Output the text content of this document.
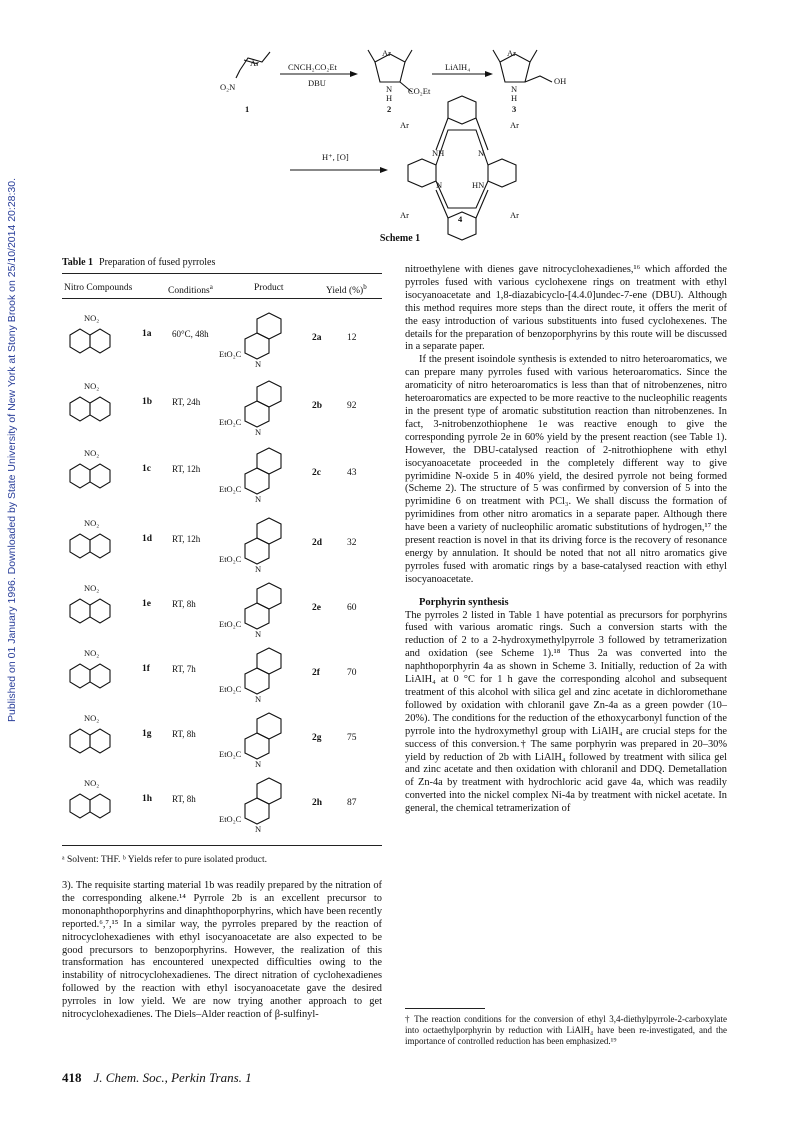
Published on 01 January 1996. Downloaded by State University of New York at Stony Brook on 25/10/2014 20:28:30.
Ar
O₂N
1
CNCH₂CO₂Et
DBU
Ar
N
H
CO₂Et
2
LiAlH₄
Ar
N
H
OH
3
H⁺, [O]
Ar	Ar
Ar	Ar
NH	N
N	HN
4
Scheme 1
Table 1 Preparation of fused pyrroles
Nitro Compounds	Conditions$^a$	Product	Yield (%)$^b$
NO₂
1a 60°C, 48h
EtO₂C
N
2a	12
NO₂
1b RT, 24h
EtO₂C
N
2b	92
NO₂
1c RT, 12h
EtO₂C
N
2c	43
NO₂
1d RT, 12h
EtO₂C
N
2d	32
NO₂
1e RT, 8h
EtO₂C
N
2e	60
NO₂
1f RT, 7h
EtO₂C
N
2f	70
NO₂
1g RT, 8h
EtO₂C
N
2g	75
NO₂
1h RT, 8h
EtO₂C
N
2h	87
ᵃ Solvent: THF. ᵇ Yields refer to pure isolated product.

3). The requisite starting material 1b was readily prepared by the nitration of the corresponding alkene.¹⁴ Pyrrole 2b is an excellent precursor to mononaphthoporphyrins and dinaphthoporphyrins, which have been recently reported.⁶,⁷,¹⁵ In a similar way, the pyrroles prepared by the reaction of nitrocyclohexadienes with ethyl isocyanoacetate are also expected to be good precursors to benzoporphyrins. However, the realization of this transformation has encountered unexpected difficulties owing to the instability of nitrocyclohexadienes. The direct nitration of cyclohexadienes followed by the reaction with ethyl isocyanoacetate gave the desired pyrroles in low yield. We are now trying another approach to get nitrocyclohexadienes. The Diels–Alder reaction of β-sulfinyl-

nitroethylene with dienes gave nitrocyclohexadienes,¹⁶ which afforded the pyrroles fused with various cyclohexene rings on treatment with ethyl isocyanoacetate and 1,8-diazabicyclo-[4.4.0]undec-7-ene (DBU). Although this method requires more steps than the direct route, it offers the merit of the easy introduction of various substituents into fused cyclohexenes. The details for the preparation of benzoporphyrins by this route will be discussed in a separate paper.

If the present isoindole synthesis is extended to nitro heteroaromatics, we can prepare many pyrroles fused with various heteroaromatics. Since the aromaticity of nitro heteroaromatics is less than that of nitrobenzenes, nitro heteroaromatics are expected to be more reactive to the nucleophilic reagents in the present type of aromatic substitution reaction than nitrobenzenes. In fact, 3-nitrobenzothiophene 1e was reactive enough to give the corresponding pyrrole 2e in 60% yield by the present reaction (see Table 1). However, the DBU-catalysed reaction of 2-nitrothiophene with ethyl isocyanoacetate proceeded in the completely different way to give pyrimidine N-oxide 5 in 40% yield, the desired pyrrole not being formed (Scheme 2). The structure of 5 was confirmed by conversion of 5 into the pyrimidine 6 on treatment with PCl₃. We shall discuss the formation of pyrimidines from other nitro aromatics in a separate paper. Although there have been a variety of nucleophilic aromatic substitutions of hydrogen,¹⁷ the present reaction is novel in that its driving force is the recovery of resonance energy by annulation. It should be noted that not all nitro aromatics give pyrroles fused with aromatic rings by a base-catalysed reaction with ethyl isocyanoacetate.

Porphyrin synthesis

The pyrroles 2 listed in Table 1 have potential as precursors for porphyrins fused with various aromatic rings. Such a conversion starts with the reduction of 2 to a 2-hydroxymethylpyrrole 3 followed by tetramerization and oxidation (see Scheme 1).¹⁸ Thus 2a was converted into the naphthoporphyrin 4a as shown in Scheme 3. Initially, reduction of 2a with LiAlH₄ at 0 °C for 1 h gave the corresponding alcohol and subsequent treatment of this alcohol with silica gel and zinc acetate in dichloromethane followed by oxidation with chloranil gave Zn-4a as a green powder (10–20%). The conditions for the reduction of the ethoxycarbonyl function of the pyrrole into the hydroxymethyl group with LiAlH₄ are crucial steps for the success of this conversion.† The same porphyrin was prepared in 20–30% yield by reduction of 2b with LiAlH₄ followed by treatment with silica gel and zinc acetate and then oxidation with chloranil and DDQ. Demetallation of Zn-4a by treatment with hydrochloric acid gave 4a, which was readily converted into the nickel complex Ni-4a by treatment with nickel acetate. In general, the chemical tetramerization of

† The reaction conditions for the conversion of ethyl 3,4-diethylpyrrole-2-carboxylate into octaethylporphyrin by reduction with LiAlH₄ have been re-investigated, and the importance of controlled reduction has been emphasized.¹⁹

418 J. Chem. Soc., Perkin Trans. 1
